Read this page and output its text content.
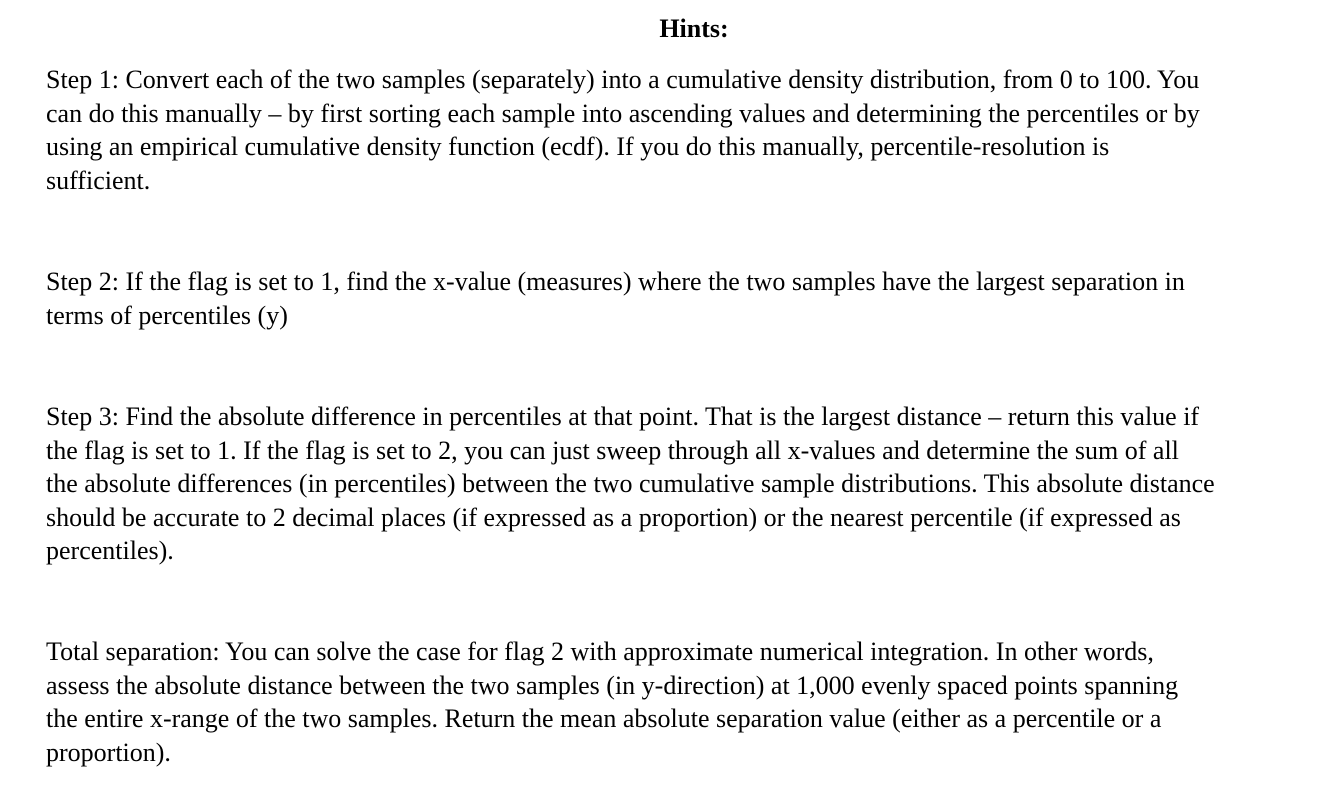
Hints:

Step 1: Convert each of the two samples (separately) into a cumulative density distribution, from 0 to 100. You
can do this manually – by first sorting each sample into ascending values and determining the percentiles or by
using an empirical cumulative density function (ecdf). If you do this manually, percentile-resolution is
sufficient.

Step 2: If the flag is set to 1, find the x-value (measures) where the two samples have the largest separation in
terms of percentiles (y)

Step 3: Find the absolute difference in percentiles at that point. That is the largest distance – return this value if
the flag is set to 1. If the flag is set to 2, you can just sweep through all x-values and determine the sum of all
the absolute differences (in percentiles) between the two cumulative sample distributions. This absolute distance
should be accurate to 2 decimal places (if expressed as a proportion) or the nearest percentile (if expressed as
percentiles).

Total separation: You can solve the case for flag 2 with approximate numerical integration. In other words,
assess the absolute distance between the two samples (in y-direction) at 1,000 evenly spaced points spanning
the entire x-range of the two samples. Return the mean absolute separation value (either as a percentile or a
proportion).
